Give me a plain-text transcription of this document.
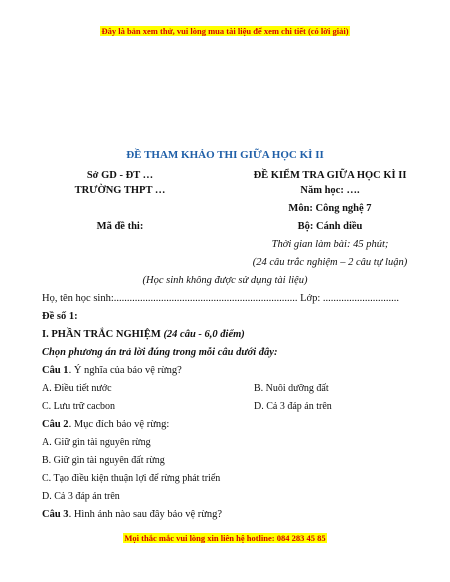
Đây là bản xem thử, vui lòng mua tài liệu để xem chi tiết (có lời giải)
ĐỀ THAM KHẢO THI GIỮA HỌC KÌ II
Sở GD - ĐT …
TRƯỜNG THPT …
Mã đề thi:
ĐỀ KIỂM TRA GIỮA HỌC KÌ II
Năm học: ….
Môn: Công nghệ 7
Bộ: Cánh diều
Thời gian làm bài: 45 phút;
(24 câu trắc nghiệm – 2 câu tự luận)
(Học sinh không được sử dụng tài liệu)
Họ, tên học sinh:...................................................................... Lớp: .............................
Đề số 1:
I. PHẦN TRẮC NGHIỆM (24 câu - 6,0 điểm)
Chọn phương án trả lời đúng trong mỗi câu dưới đây:
Câu 1. Ý nghĩa của bảo vệ rừng?
A. Điều tiết nước	B. Nuôi dưỡng đất
C. Lưu trữ cacbon	D. Cả 3 đáp án trên
Câu 2. Mục đích bảo vệ rừng:
A. Giữ gìn tài nguyên rừng
B. Giữ gìn tài nguyên đất rừng
C. Tạo điều kiện thuận lợi để rừng phát triển
D. Cả 3 đáp án trên
Câu 3. Hình ảnh nào sau đây bảo vệ rừng?
Mọi thắc mắc vui lòng xin liên hệ hotline: 084 283 45 85
